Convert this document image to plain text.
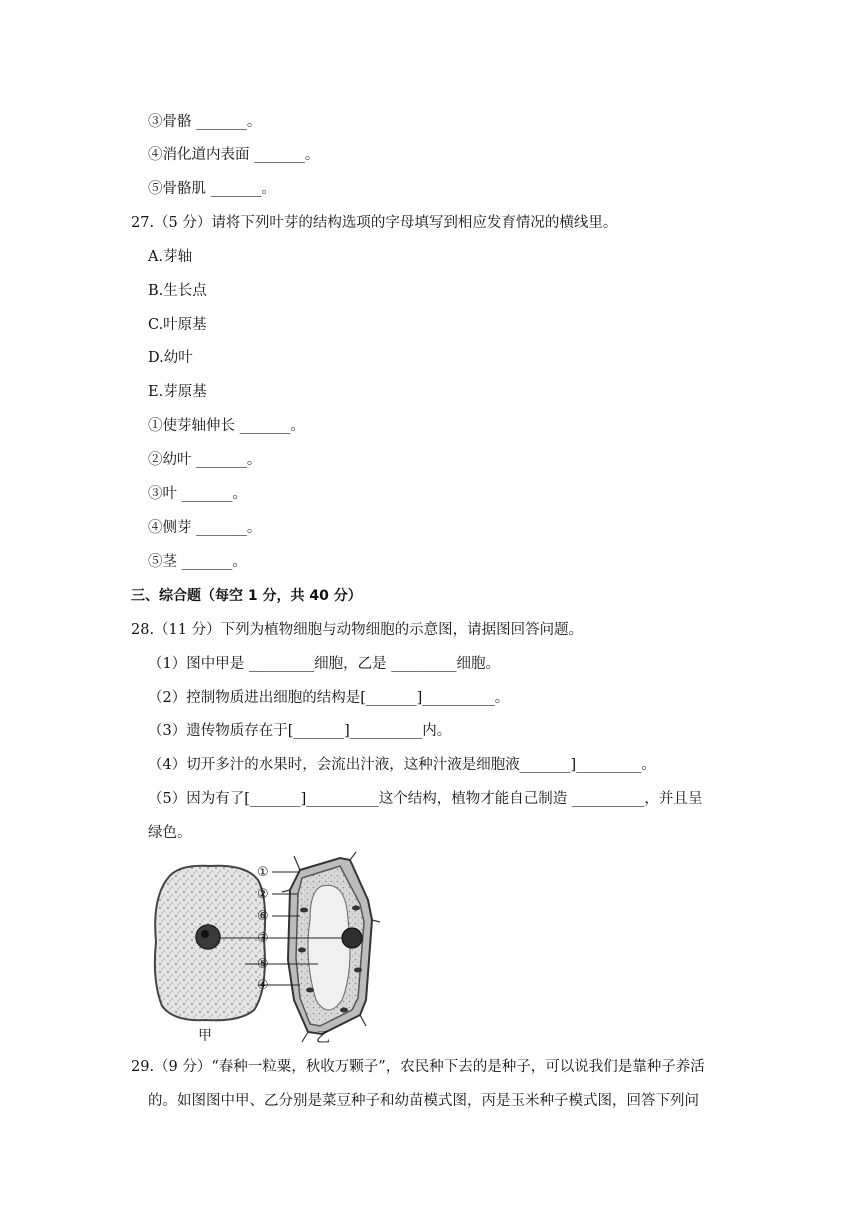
③骨骼 _______。
④消化道内表面 _______。
⑤骨骼肌 _______。
27.（5 分）请将下列叶芽的结构选项的字母填写到相应发育情况的横线里。
A.芽轴
B.生长点
C.叶原基
D.幼叶
E.芽原基
①使芽轴伸长 _______。
②幼叶 _______。
③叶 _______。
④侧芽 _______。
⑤茎 _______。
三、综合题（每空 1 分，共 40 分）
28.（11 分）下列为植物细胞与动物细胞的示意图，请据图回答问题。
（1）图中甲是 _________细胞，乙是 _________细胞。
（2）控制物质进出细胞的结构是[_______]__________。
（3）遗传物质存在于[_______]__________内。
（4）切开多汁的水果时，会流出汁液，这种汁液是细胞液_______]_________。
（5）因为有了[_______]__________这个结构，植物才能自己制造 __________，并且呈
绿色。
①
②
⑥
③
⑤
④
甲	乙
29.（9 分）“春种一粒粟，秋收万颗子”，农民种下去的是种子，可以说我们是靠种子养活
的。如图图中甲、乙分别是菜豆种子和幼苗模式图，丙是玉米种子模式图，回答下列问
